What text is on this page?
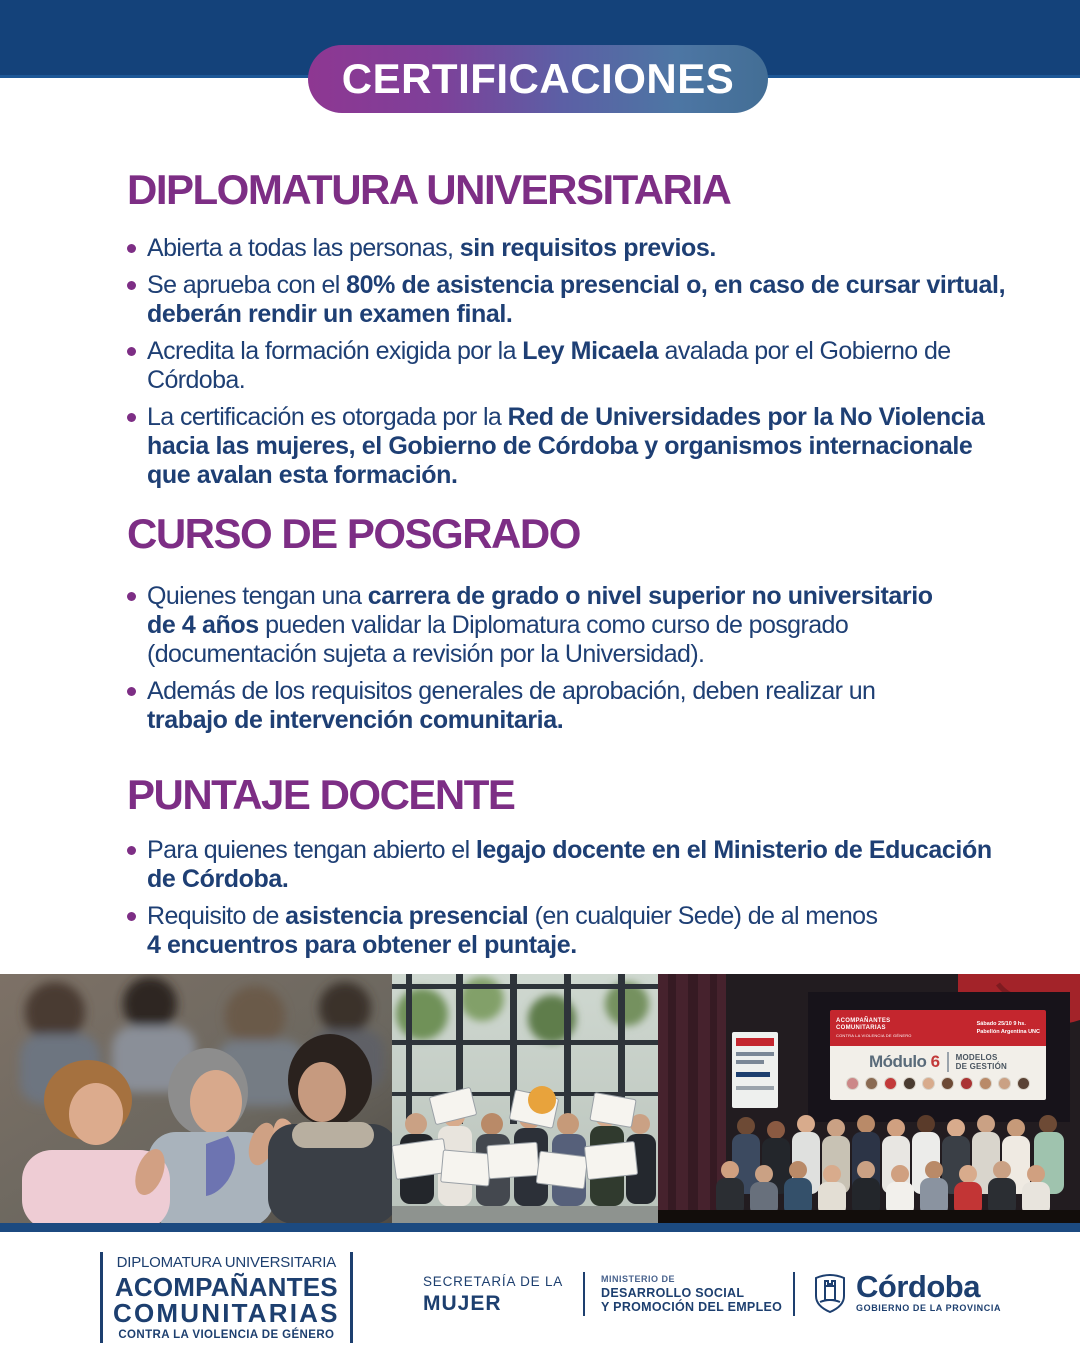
CERTIFICACIONES
DIPLOMATURA UNIVERSITARIA
Abierta a todas las personas, sin requisitos previos.
Se aprueba con el 80% de asistencia presencial o, en caso de cursar virtual,
deberán rendir un examen final.
Acredita la formación exigida por la Ley Micaela avalada por el Gobierno de
Córdoba.
La certificación es otorgada por la Red de Universidades por la No Violencia
hacia las mujeres, el Gobierno de Córdoba y organismos internacionale
que avalan esta formación.
CURSO DE POSGRADO
Quienes tengan una carrera de grado o nivel superior no universitario
de 4 años pueden validar la Diplomatura como curso de posgrado
(documentación sujeta a revisión por la Universidad).
Además de los requisitos generales de aprobación, deben realizar un
trabajo de intervención comunitaria.
PUNTAJE DOCENTE
Para quienes tengan abierto el legajo docente en el Ministerio de Educación
de Córdoba.
Requisito de asistencia presencial (en cualquier Sede) de al menos
4 encuentros para obtener el puntaje.
ACOMPAÑANTES
COMUNITARIAS
CONTRA LA VIOLENCIA DE GÉNERO
Sábado 25/10 9 hs.
Pabellón Argentina UNC
Módulo 6 MODELOS
DE GESTIÓN
DIPLOMATURA UNIVERSITARIA
ACOMPAÑANTES
COMUNITARIAS
CONTRA LA VIOLENCIA DE GÉNERO
SECRETARÍA DE LA
MUJER
MINISTERIO DE
DESARROLLO SOCIAL
Y PROMOCIÓN DEL EMPLEO
Córdoba
GOBIERNO DE LA PROVINCIA
